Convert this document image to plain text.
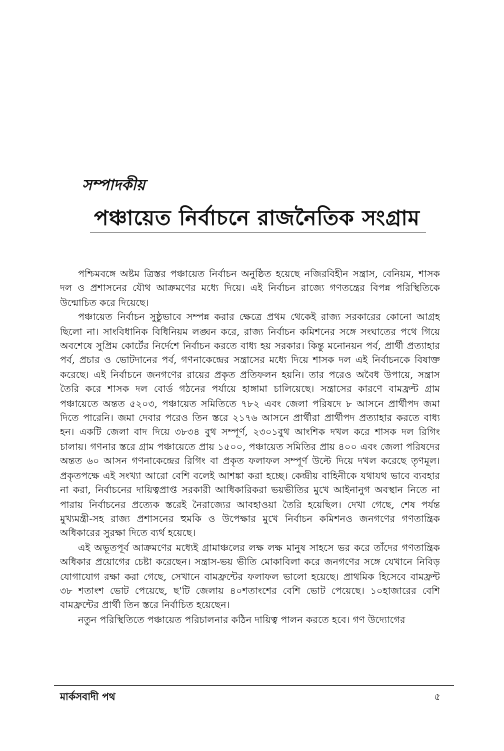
সম্পাদকীয়
পঞ্চায়েত নির্বাচনে রাজনৈতিক সংগ্রাম

পশ্চিমবঙ্গে অষ্টম ত্রিস্তর পঞ্চায়েত নির্বাচন অনুষ্ঠিত হয়েছে নজিরবিহীন সন্ত্রাস, বেনিয়ম, শাসক দল ও প্রশাসনের যৌথ আক্রমণের মধ্যে দিয়ে। এই নির্বাচন রাজ্যে গণতন্ত্রের বিপন্ন পরিস্থিতিকে উন্মোচিত করে দিয়েছে।

পঞ্চায়েত নির্বাচন সুষ্ঠুভাবে সম্পন্ন করার ক্ষেত্রে প্রথম থেকেই রাজ্য সরকারের কোনো আগ্রহ ছিলো না। সাংবিধানিক বিধিনিয়ম লঙ্ঘন করে, রাজ্য নির্বাচন কমিশনের সঙ্গে সংঘাতের পথে গিয়ে অবশেষে সুপ্রিম কোর্টের নির্দেশে নির্বাচন করতে বাধ্য হয় সরকার। কিন্তু মনোনয়ন পর্ব, প্রার্থী প্রত্যাহার পর্ব, প্রচার ও ভোটদানের পর্ব, গণনাকেন্দ্রের সন্ত্রাসের মধ্যে দিয়ে শাসক দল এই নির্বাচনকে বিষাক্ত করেছে। এই নির্বাচনে জনগণের রায়ের প্রকৃত প্রতিফলন হয়নি। তার পরেও অবৈধ উপায়ে, সন্ত্রাস তৈরি করে শাসক দল বোর্ড গঠনের পর্যায়ে হাঙ্গামা চালিয়েছে। সন্ত্রাসের কারণে বামফ্রন্ট গ্রাম পঞ্চায়েতে অন্তত ৫২০৩, পঞ্চায়েত সমিতিতে ৭৮২ এবং জেলা পরিষদে ৮ আসনে প্রার্থীপদ জমা দিতে পারেনি। জমা দেবার পরেও তিন স্তরে ২১৭৬ আসনে প্রার্থীরা প্রার্থীপদ প্রত্যাহার করতে বাধ্য হন। একটি জেলা বাদ দিয়ে ৩৮৩৪ বুথ সম্পূর্ণ, ২৩০১বুথ আংশিক দখল করে শাসক দল রিগিং চালায়। গণনার স্তরে গ্রাম পঞ্চায়েতে প্রায় ১৫০০, পঞ্চায়েত সমিতির প্রায় ৪০০ এবং জেলা পরিষদের অন্তত ৬০ আসন গণনাকেন্দ্রের রিগিং বা প্রকৃত ফলাফল সম্পূর্ণ উল্টে দিয়ে দখল করেছে তৃণমূল। প্রকৃতপক্ষে এই সংখ্যা আরো বেশি বলেই আশঙ্কা করা হচ্ছে। কেন্দ্রীয় বাহিনীকে যথাযথ ভাবে ব্যবহার না করা, নির্বাচনের দায়িত্বপ্রাপ্ত সরকারী আধিকারিকরা ভয়ভীতির মুখে আইনানুগ অবস্থান নিতে না পারায় নির্বাচনের প্রত্যেক স্তরেই নৈরাজ্যের আবহাওয়া তৈরি হয়েছিল। দেখা গেছে, শেষ পর্যন্ত মুখ্যমন্ত্রী-সহ রাজ্য প্রশাসনের হুমকি ও উপেক্ষার মুখে নির্বাচন কমিশনও জনগণের গণতান্ত্রিক অধিকারের সুরক্ষা দিতে ব্যর্থ হয়েছে।

এই অভূতপূর্ব আক্রমণের মধ্যেই গ্রামাঞ্চলের লক্ষ লক্ষ মানুষ সাহসে ভর করে তাঁদের গণতান্ত্রিক অধিকার প্রয়োগের চেষ্টা করেছেন। সন্ত্রাস-ভয় ভীতি মোকাবিলা করে জনগণের সঙ্গে যেখানে নিবিড় যোগাযোগ রক্ষা করা গেছে, সেখানে বামফ্রন্টের ফলাফল ভালো হয়েছে। প্রাথমিক হিসেবে বামফ্রন্ট ৩৮ শতাংশ ভোট পেয়েছে, ছ'টি জেলায় ৪০শতাংশের বেশি ভোট পেয়েছে। ১০হাজারের বেশি বামফ্রন্টের প্রার্থী তিন স্তরে নির্বাচিত হয়েছেন।

নতুন পরিস্থিতিতে পঞ্চায়েত পরিচালনার কঠিন দায়িত্ব পালন করতে হবে। গণ উদ্যোগের

মার্কসবাদী পথ	৫
